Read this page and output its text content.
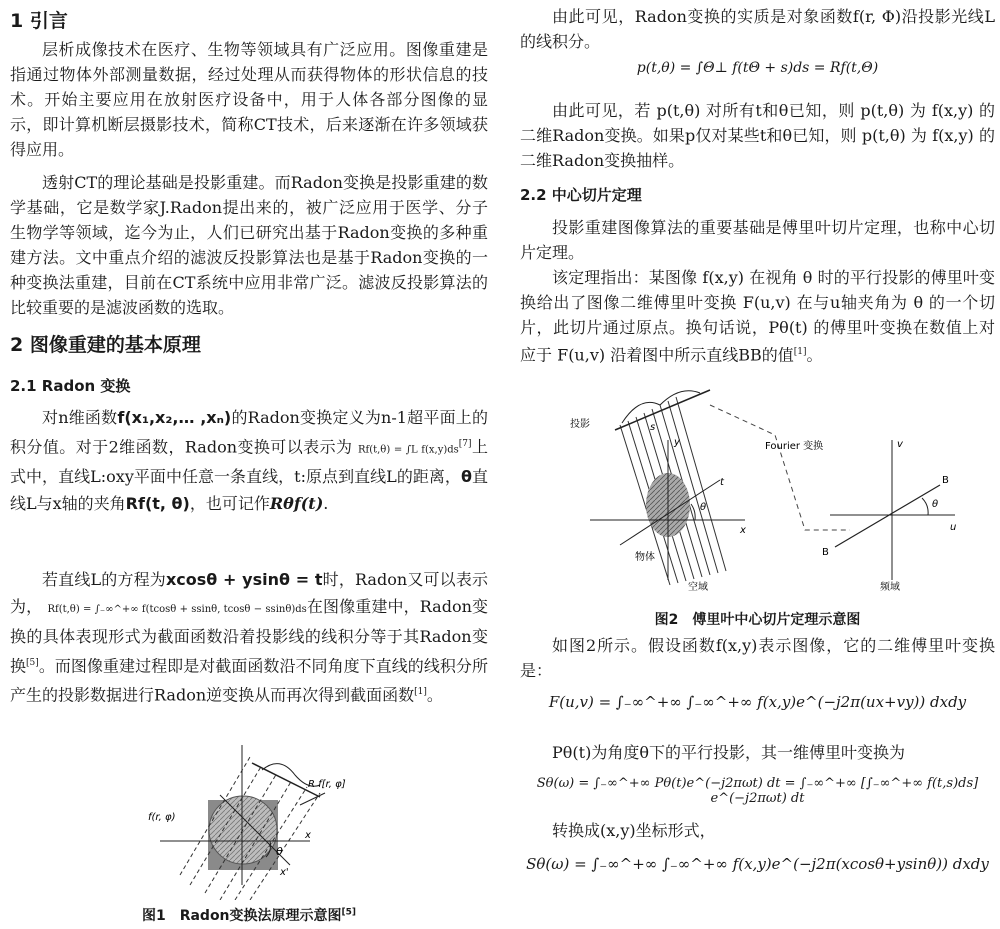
1 引言

层析成像技术在医疗、生物等领域具有广泛应用。图像重建是指通过物体外部测量数据，经过处理从而获得物体的形状信息的技术。开始主要应用在放射医疗设备中，用于人体各部分图像的显示，即计算机断层摄影技术，简称CT技术，后来逐渐在许多领域获得应用。

透射CT的理论基础是投影重建。而Radon变换是投影重建的数学基础，它是数学家J.Radon提出来的，被广泛应用于医学、分子生物学等领域，迄今为止，人们已研究出基于Radon变换的多种重建方法。文中重点介绍的滤波反投影算法也是基于Radon变换的一种变换法重建，目前在CT系统中应用非常广泛。滤波反投影算法的比较重要的是滤波函数的选取。

2 图像重建的基本原理

2.1 Radon 变换

对n维函数f(x₁,x₂,… ,xₙ)的Radon变换定义为n-1超平面上的积分值。对于2维函数，Radon变换可以表示为 Rf(t,θ) = ∫L f(x,y)ds[7]上式中，直线L:oxy平面中任意一条直线，t:原点到直线L的距离，θ直线L与x轴的夹角Rf(t, θ)，也可记作Rθf(t).

若直线L的方程为xcosθ + ysinθ = t时，Radon又可以表示为， Rf(t,θ) = ∫₋∞^+∞ f(tcosθ + ssinθ, tcosθ − ssinθ)ds在图像重建中，Radon变换的具体表现形式为截面函数沿着投影线的线积分等于其Radon变换[5]。而图像重建过程即是对截面函数沿不同角度下直线的线积分所产生的投影数据进行Radon逆变换从而再次得到截面函数[1]。

R f[r, φ]
f(r, φ)
θ
x
x'

图1　Radon变换法原理示意图[5]

由此可见，Radon变换的实质是对象函数f(r, Φ)沿投影光线L的线积分。

p(t,θ) = ∫Θ⊥ f(tΘ + s)ds = Rf(t,Θ)

由此可见，若 p(t,θ) 对所有t和θ已知，则 p(t,θ) 为 f(x,y) 的二维Radon变换。如果p仅对某些t和θ已知，则 p(t,θ) 为 f(x,y) 的二维Radon变换抽样。

2.2 中心切片定理

投影重建图像算法的重要基础是傅里叶切片定理，也称中心切片定理。

该定理指出：某图像 f(x,y) 在视角 θ 时的平行投影的傅里叶变换给出了图像二维傅里叶变换 F(u,v) 在与u轴夹角为 θ 的一个切片，此切片通过原点。换句话说，Pθ(t) 的傅里叶变换在数值上对应于 F(u,v) 沿着图中所示直线BB的值[1]。

投影	s
t
y
x
θ
物体
空域
Fourier 变换	v
u
B
B
θ
频域

图2　傅里叶中心切片定理示意图

如图2所示。假设函数f(x,y)表示图像，它的二维傅里叶变换是：

F(u,v) = ∫₋∞^+∞ ∫₋∞^+∞ f(x,y)e^(−j2π(ux+vy)) dxdy

Pθ(t)为角度θ下的平行投影，其一维傅里叶变换为

Sθ(ω) = ∫₋∞^+∞ Pθ(t)e^(−j2πωt) dt = ∫₋∞^+∞ [∫₋∞^+∞ f(t,s)ds] e^(−j2πωt) dt

转换成(x,y)坐标形式，

Sθ(ω) = ∫₋∞^+∞ ∫₋∞^+∞ f(x,y)e^(−j2π(xcosθ+ysinθ)) dxdy
